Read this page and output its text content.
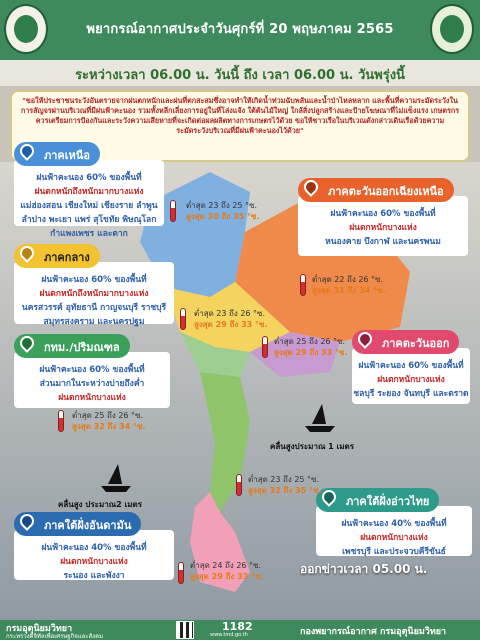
พยากรณ์อากาศประจำวันศุกร์ที่ 20 พฤษภาคม 2565
ระหว่างเวลา 06.00 น. วันนี้ ถึง เวลา 06.00 น. วันพรุ่งนี้
"ขอให้ประชาชนระวังอันตรายจากฝนตกหนักและฝนที่ตกสะสมซึ่งอาจทำให้เกิดน้ำท่วมฉับพลันและน้ำป่าไหลหลาก และพื้นที่ความระมัดระวังในการสัญจรผ่านบริเวณที่มีฝนฟ้าคะนอง รวมทั้งหลีกเลี่ยงการอยู่ในที่โล่งแจ้ง ใต้ต้นไม้ใหญ่ ใกล้สิ่งปลูกสร้างและป้ายโฆษณาที่ไม่แข็งแรง เกษตรกรควรเตรียมการป้องกันและระวังความเสียหายที่จะเกิดต่อผลผลิตทางการเกษตรไว้ด้วย ขอให้ชาวเรือในบริเวณดังกล่าวเดินเรือด้วยความระมัดระวังบริเวณที่มีฝนฟ้าคะนองไว้ด้วย"
คลื่นสูงประมาณ 1 เมตร
คลื่นสูง ประมาณ2 เมตร
ภาคเหนือ
ฝนฟ้าคะนอง 60% ของพื้นที่
ฝนตกหนักถึงหนักมากบางแห่ง
แม่ฮ่องสอน เชียงใหม่ เชียงราย ลำพูน ลำปาง พะเยา แพร่ สุโขทัย พิษณุโลก กำแพงเพชร และตาก
ต่ำสุด 23 ถึง 25 °ซ.
สูงสุด 30 ถึง 35 °ซ.
ภาคตะวันออกเฉียงเหนือ
ฝนฟ้าคะนอง 60% ของพื้นที่
ฝนตกหนักบางแห่ง
หนองคาย บึงกาฬ และนครพนม
ต่ำสุด 22 ถึง 26 °ซ.
สูงสุด 31 ถึง 34 °ซ.
ภาคกลาง
ฝนฟ้าคะนอง 60% ของพื้นที่
ฝนตกหนักถึงหนักมากบางแห่ง
นครสวรรค์ อุทัยธานี กาญจนบุรี ราชบุรี สมุทรสงคราม และนครปฐม
ต่ำสุด 23 ถึง 26 °ซ.
สูงสุด 29 ถึง 33 °ซ.
ภาคตะวันออก
ฝนฟ้าคะนอง 60% ของพื้นที่
ฝนตกหนักบางแห่ง
ชลบุรี ระยอง จันทบุรี และตราด
ต่ำสุด 25 ถึง 26 °ซ.
สูงสุด 29 ถึง 33 °ซ.
กทม./ปริมณฑล
ฝนฟ้าคะนอง 60% ของพื้นที่
ส่วนมากในระหว่างบ่ายถึงค่ำ
ฝนตกหนักบางแห่ง
ต่ำสุด 25 ถึง 26 °ซ.
สูงสุด 32 ถึง 34 °ซ.
ภาคใต้ฝั่งอ่าวไทย
ฝนฟ้าคะนอง 40% ของพื้นที่
ฝนตกหนักบางแห่ง
เพชรบุรี และประจวบคีรีขันธ์
ต่ำสุด 23 ถึง 25 °ซ.
สูงสุด 32 ถึง 35 °ซ.
ภาคใต้ฝั่งอันดามัน
ฝนฟ้าคะนอง 40% ของพื้นที่
ฝนตกหนักบางแห่ง
ระนอง และพังงา
ต่ำสุด 24 ถึง 26 °ซ.
สูงสุด 29 ถึง 33 °ซ.
ออกข่าวเวลา 05.00 น.
กรมอุตุนิยมวิทยา
กระทรวงดิจิทัลเพื่อเศรษฐกิจและสังคม
1182
www.tmd.go.th	กองพยากรณ์อากาศ กรมอุตุนิยมวิทยา
